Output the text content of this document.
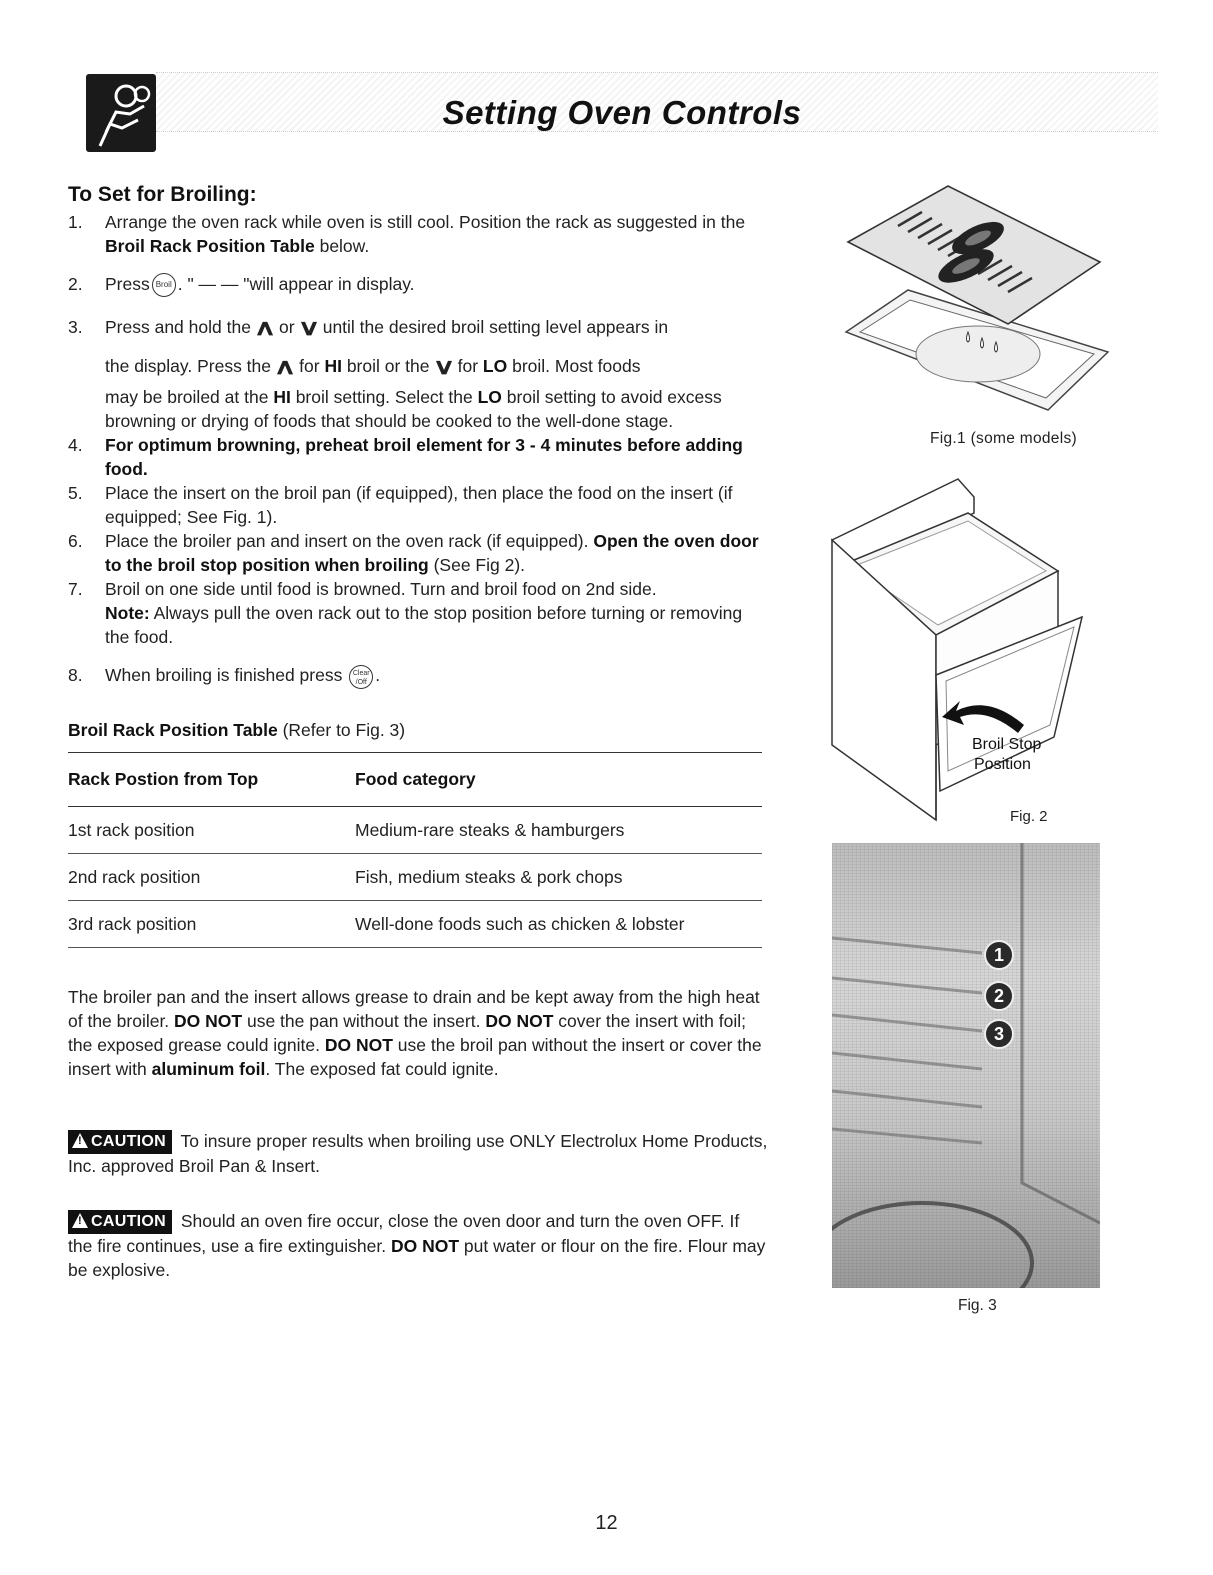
Setting Oven Controls
To Set for Broiling:
1. Arrange the oven rack while oven is still cool. Position the rack as suggested in the Broil Rack Position Table below.
2. Press Broil . " — — "will appear in display.
3. Press and hold the ∧ or ∨ until the desired broil setting level appears in
the display. Press the ∧ for HI broil or the ∨ for LO broil. Most foods
may be broiled at the HI broil setting. Select the LO broil setting to avoid excess browning or drying of foods that should be cooked to the well-done stage.
4. For optimum browning, preheat broil element for 3 - 4 minutes before adding food.
5. Place the insert on the broil pan (if equipped), then place the food on the insert (if equipped; See Fig. 1).
6. Place the broiler pan and insert on the oven rack (if equipped). Open the oven door to the broil stop position when broiling (See Fig 2).
7. Broil on one side until food is browned. Turn and broil food on 2nd side.
Note: Always pull the oven rack out to the stop position before turning or removing the food.
8. When broiling is finished press Clear
/Off .
Broil Rack Position Table (Refer to Fig. 3)
Rack Postion from Top	Food category
1st rack position	Medium-rare steaks & hamburgers
2nd rack position	Fish, medium steaks & pork chops
3rd rack position	Well-done foods such as chicken & lobster
The broiler pan and the insert allows grease to drain and be kept away from the high heat of the broiler. DO NOT use the pan without the insert. DO NOT cover the insert with foil; the exposed grease could ignite. DO NOT use the broil pan without the insert or cover the insert with aluminum foil. The exposed fat could ignite.
!CAUTION To insure proper results when broiling use ONLY Electrolux Home Products, Inc. approved Broil Pan & Insert.
!CAUTION Should an oven fire occur, close the oven door and turn the oven OFF. If the fire continues, use a fire extinguisher. DO NOT put water or flour on the fire. Flour may be explosive.
Fig.1 (some models)
Broil Stop
Position
Fig. 2
1
2
3
Fig. 3
12
